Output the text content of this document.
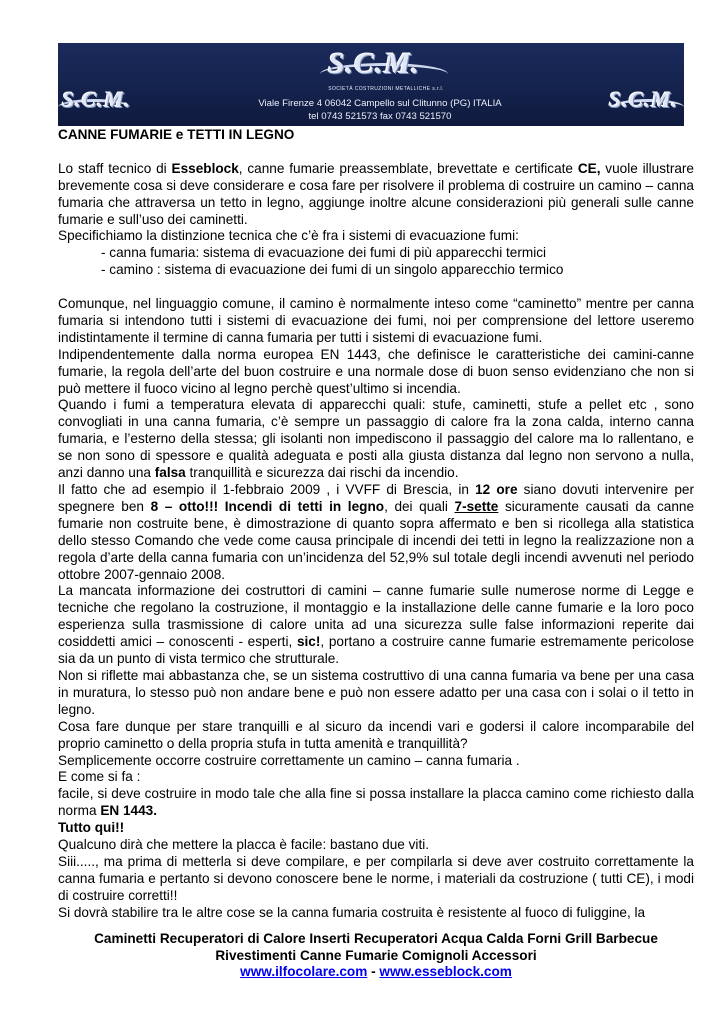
S.C.M.
SOCIETÀ COSTRUZIONI METALLICHE s.r.l.
S.C.M.	S.C.M.
Viale Firenze 4 06042 Campello sul Clitunno (PG) ITALIA
tel 0743 521573 fax 0743 521570

CANNE FUMARIE e TETTI IN LEGNO

Lo staff tecnico di Esseblock, canne fumarie preassemblate, brevettate e certificate CE, vuole illustrare brevemente cosa si deve considerare e cosa fare per risolvere il problema di costruire un camino – canna fumaria che attraversa un tetto in legno, aggiunge inoltre alcune considerazioni più generali sulle canne fumarie e sull’uso dei caminetti.

Specifichiamo la distinzione tecnica che c’è fra i sistemi di evacuazione fumi:

- canna fumaria: sistema di evacuazione dei fumi di più apparecchi termici

- camino : sistema di evacuazione dei fumi di un singolo apparecchio termico

Comunque, nel linguaggio comune, il camino è normalmente inteso come “caminetto” mentre per canna fumaria si intendono tutti i sistemi di evacuazione dei fumi, noi per comprensione del lettore useremo indistintamente il termine di canna fumaria per tutti i sistemi di evacuazione fumi.

Indipendentemente dalla norma europea EN 1443, che definisce le caratteristiche dei camini-canne fumarie, la regola dell’arte del buon costruire e una normale dose di buon senso evidenziano che non si può mettere il fuoco vicino al legno perchè quest’ultimo si incendia.

Quando i fumi a temperatura elevata di apparecchi quali: stufe, caminetti, stufe a pellet etc , sono convogliati in una canna fumaria, c’è sempre un passaggio di calore fra la zona calda, interno canna fumaria, e l’esterno della stessa; gli isolanti non impediscono il passaggio del calore ma lo rallentano, e se non sono di spessore e qualità adeguata e posti alla giusta distanza dal legno non servono a nulla, anzi danno una falsa tranquillità e sicurezza dai rischi da incendio.

Il fatto che ad esempio il 1-febbraio 2009 , i VVFF di Brescia, in 12 ore siano dovuti intervenire per spegnere ben 8 – otto!!! Incendi di tetti in legno, dei quali 7-sette sicuramente causati da canne fumarie non costruite bene, è dimostrazione di quanto sopra affermato e ben si ricollega alla statistica dello stesso Comando che vede come causa principale di incendi dei tetti in legno la realizzazione non a regola d’arte della canna fumaria con un’incidenza del 52,9% sul totale degli incendi avvenuti nel periodo ottobre 2007-gennaio 2008.

La mancata informazione dei costruttori di camini – canne fumarie sulle numerose norme di Legge e tecniche che regolano la costruzione, il montaggio e la installazione delle canne fumarie e la loro poco esperienza sulla trasmissione di calore unita ad una sicurezza sulle false informazioni reperite dai cosiddetti amici – conoscenti - esperti, sic!, portano a costruire canne fumarie estremamente pericolose sia da un punto di vista termico che strutturale.

Non si riflette mai abbastanza che, se un sistema costruttivo di una canna fumaria va bene per una casa in muratura, lo stesso può non andare bene e può non essere adatto per una casa con i solai o il tetto in legno.

Cosa fare dunque per stare tranquilli e al sicuro da incendi vari e godersi il calore incomparabile del proprio caminetto o della propria stufa in tutta amenità e tranquillità?

Semplicemente occorre costruire correttamente un camino – canna fumaria .

E come si fa :

facile, si deve costruire in modo tale che alla fine si possa installare la placca camino come richiesto dalla norma EN 1443.

Tutto qui!!

Qualcuno dirà che mettere la placca è facile: bastano due viti.

Siii....., ma prima di metterla si deve compilare, e per compilarla si deve aver costruito correttamente la canna fumaria e pertanto si devono conoscere bene le norme, i materiali da costruzione ( tutti CE), i modi di costruire corretti!!

Si dovrà stabilire tra le altre cose se la canna fumaria costruita è resistente al fuoco di fuliggine, la

Caminetti Recuperatori di Calore Inserti Recuperatori Acqua Calda Forni Grill Barbecue
Rivestimenti Canne Fumarie Comignoli Accessori
www.ilfocolare.com - www.esseblock.com
